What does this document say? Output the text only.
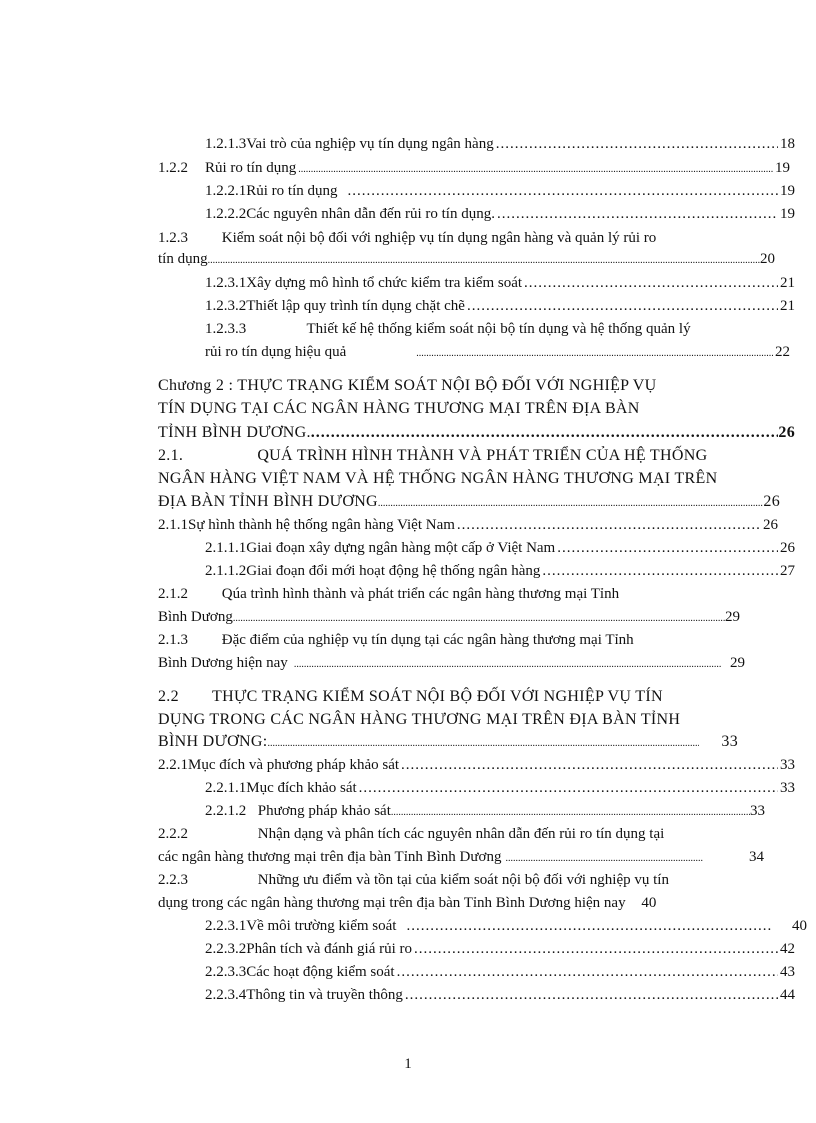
1.2.1.3 Vai trò của nghiệp vụ tín dụng ngân hàng .....	18
1.2.2	Rủi ro tín dụng .....	19
1.2.2.1 Rủi ro tín dụng .....	19
1.2.2.2 Các nguyên nhân dẫn đến rủi ro tín dụng. .....	19
1.2.3 Kiểm soát nội bộ đối với nghiệp vụ tín dụng ngân hàng và quản lý rủi ro
tín dụng .....	20
1.2.3.1 Xây dựng mô hình tổ chức kiểm tra kiểm soát .....	21
1.2.3.2 Thiết lập quy trình tín dụng chặt chẽ .....	21
1.2.3.3	Thiết kế hệ thống kiểm soát nội bộ tín dụng và hệ thống quản lý
rủi ro tín dụng hiệu quả .....	22
Chương 2 : THỰC TRẠNG KIỂM SOÁT NỘI BỘ ĐỐI VỚI NGHIỆP VỤ
TÍN DỤNG TẠI CÁC NGÂN HÀNG THƯƠNG MẠI TRÊN ĐỊA BÀN
TỈNH BÌNH DƯƠNG. .....	26
2.1.	QUÁ TRÌNH HÌNH THÀNH VÀ PHÁT TRIỂN CỦA HỆ THỐNG
NGÂN HÀNG VIỆT NAM VÀ HỆ THỐNG NGÂN HÀNG THƯƠNG MẠI TRÊN
ĐỊA BÀN TỈNH BÌNH DƯƠNG .....	26
2.1.1 Sự hình thành hệ thống ngân hàng Việt Nam .....	26
2.1.1.1 Giai đoạn xây dựng ngân hàng một cấp ở Việt Nam .....	26
2.1.1.2 Giai đoạn đổi mới hoạt động hệ thống ngân hàng .....	27
2.1.2 Qúa trình hình thành và phát triển các ngân hàng thương mại Tỉnh
Bình Dương .....	29
2.1.3 Đặc điểm của nghiệp vụ tín dụng tại các ngân hàng thương mại Tỉnh
Bình Dương hiện nay .....	29
2.2 THỰC TRẠNG KIỂM SOÁT NỘI BỘ ĐỐI VỚI NGHIỆP VỤ TÍN
DỤNG TRONG CÁC NGÂN HÀNG THƯƠNG MẠI TRÊN ĐỊA BÀN TỈNH
BÌNH DƯƠNG: .....	33
2.2.1 Mục đích và phương pháp khảo sát .....	33
2.2.1.1 Mục đích khảo sát .....	33
2.2.1.2 Phương pháp khảo sát .....	33
2.2.2	Nhận dạng và phân tích các nguyên nhân dẫn đến rủi ro tín dụng tại
các ngân hàng thương mại trên địa bàn Tỉnh Bình Dương .....	34
2.2.3	Những ưu điểm và tồn tại của kiểm soát nội bộ đối với nghiệp vụ tín
dụng trong các ngân hàng thương mại trên địa bàn Tỉnh Bình Dương hiện nay 40
2.2.3.1 Về môi trường kiểm soát .....	40
2.2.3.2 Phân tích và đánh giá rủi ro .....	42
2.2.3.3 Các hoạt động kiểm soát .....	43
2.2.3.4 Thông tin và truyền thông .....	44
1
